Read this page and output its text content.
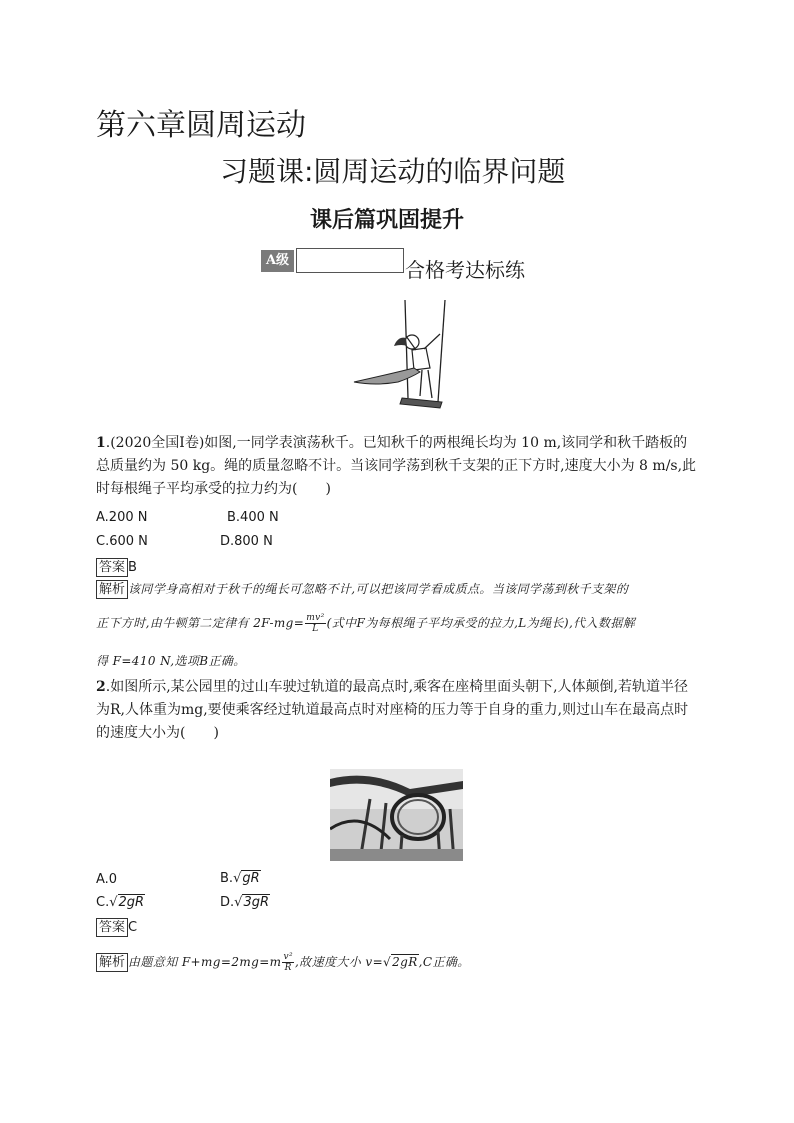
第六章圆周运动
习题课:圆周运动的临界问题
课后篇巩固提升
A级	合格考达标练
1.(2020全国Ⅰ卷)如图,一同学表演荡秋千。已知秋千的两根绳长均为 10 m,该同学和秋千踏板的总质量约为 50 kg。绳的质量忽略不计。当该同学荡到秋千支架的正下方时,速度大小为 8 m/s,此时每根绳子平均承受的拉力约为(　　)
A.200 N	B.400 N
C.600 N	D.800 N
答案 B
解析 该同学身高相对于秋千的绳长可忽略不计,可以把该同学看成质点。当该同学荡到秋千支架的
正下方时,由牛顿第二定律有 $2F-mg= \frac{\text{mv²}}{L}$ (式中F为每根绳子平均承受的拉力,L为绳长),代入数据解
得 F=410 N,选项B正确。
2.如图所示,某公园里的过山车驶过轨道的最高点时,乘客在座椅里面头朝下,人体颠倒,若轨道半径为R,人体重为mg,要使乘客经过轨道最高点时对座椅的压力等于自身的重力,则过山车在最高点时的速度大小为(　　)
A.0	B.√ gR
C.√ 2gR	D.√ 3gR
答案 C
解析 由题意知 $F+mg=2mg=m \frac{\text{v²}}{R}$ ,故速度大小 v=√ 2gR ,C正确。
